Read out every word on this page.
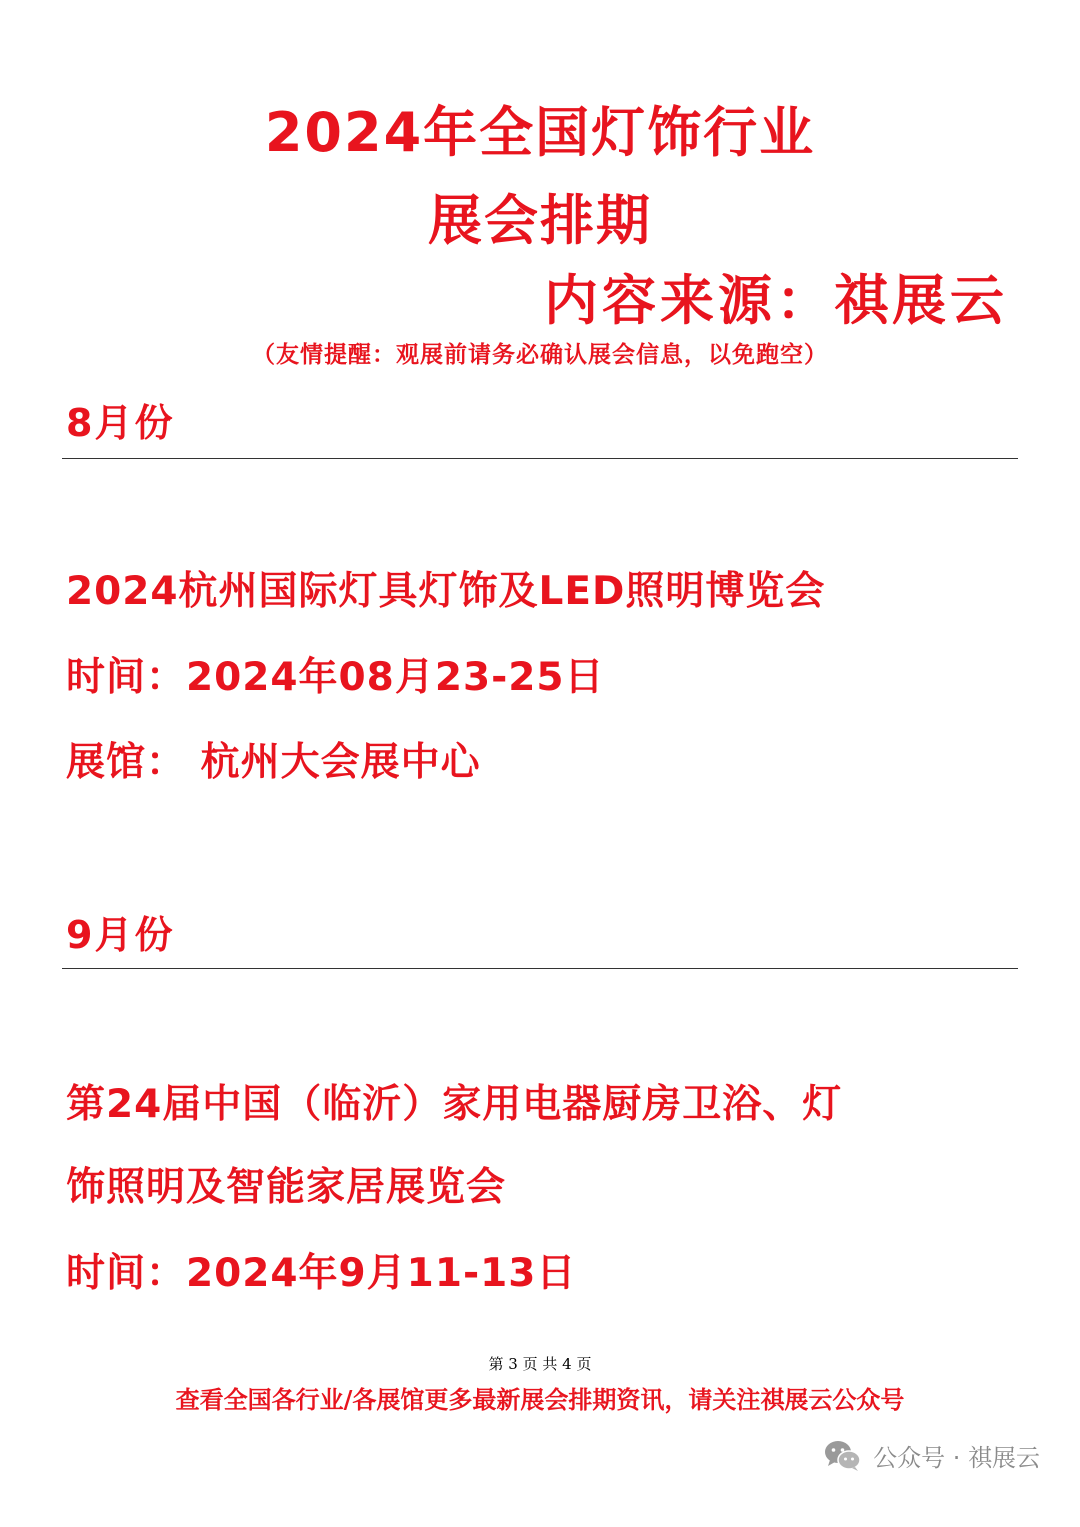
2024年全国灯饰行业
展会排期
内容来源：祺展云
（友情提醒：观展前请务必确认展会信息，以免跑空）
8月份
2024杭州国际灯具灯饰及LED照明博览会
时间：2024年08月23-25日
展馆： 杭州大会展中心
9月份
第24届中国（临沂）家用电器厨房卫浴、灯
饰照明及智能家居展览会
时间：2024年9月11-13日
第 3 页 共 4 页
查看全国各行业/各展馆更多最新展会排期资讯，请关注祺展云公众号
公众号 · 祺展云
